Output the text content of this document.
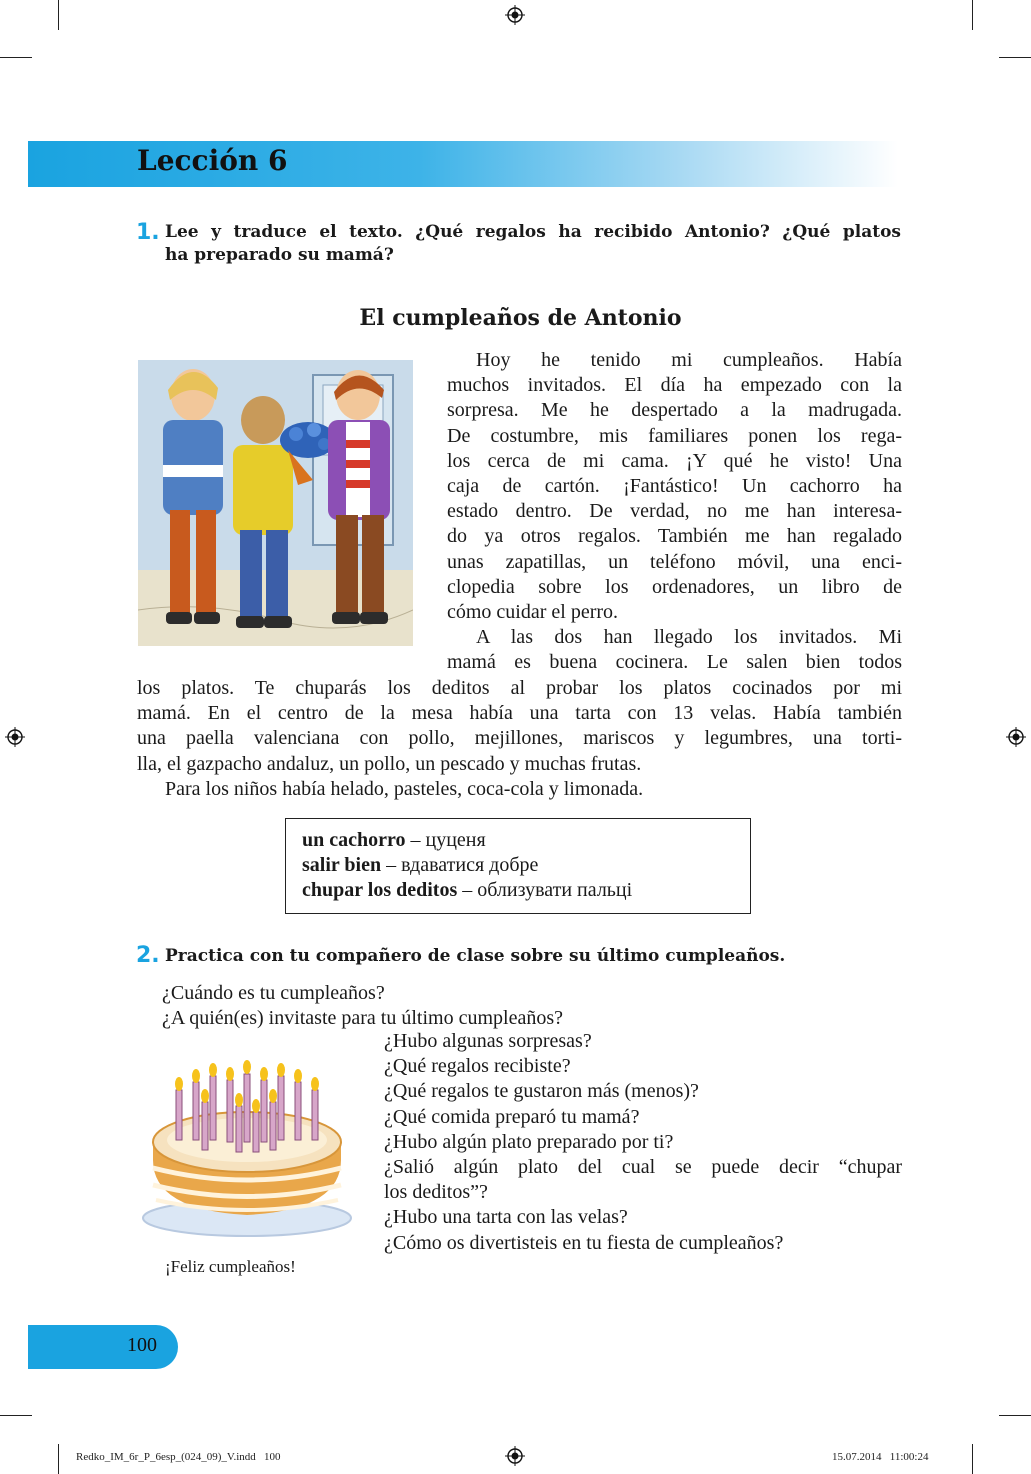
Lección 6
1. Lee y traduce el texto. ¿Qué regalos ha recibido Antonio? ¿Qué platos
ha preparado su mamá?
El cumpleaños de Antonio
Hoy he tenido mi cumpleaños. Había
muchos invitados. El día ha empezado con la
sorpresa. Me he despertado a la madrugada.
De costumbre, mis familiares ponen los rega-
los cerca de mi cama. ¡Y qué he visto! Una
caja de cartón. ¡Fantástico! Un cachorro ha
estado dentro. De verdad, no me han interesa-
do ya otros regalos. También me han regalado
unas zapatillas, un teléfono móvil, una enci-
clopedia sobre los ordenadores, un libro de
cómo cuidar el perro.
A las dos han llegado los invitados. Mi
mamá es buena cocinera. Le salen bien todos
los platos. Te chuparás los deditos al probar los platos cocinados por mi
mamá. En el centro de la mesa había una tarta con 13 velas. Había también
una paella valenciana con pollo, mejillones, mariscos y legumbres, una torti-
lla, el gazpacho andaluz, un pollo, un pescado y muchas frutas.
Para los niños había helado, pasteles, coca-cola y limonada.
un cachorro – цуценя
salir bien – вдаватися добре
chupar los deditos – облизувати пальці
2. Practica con tu compañero de clase sobre su último cumpleaños.
¿Cuándo es tu cumpleaños?
¿A quién(es) invitaste para tu último cumpleaños?
¿Hubo algunas sorpresas?
¿Qué regalos recibiste?
¿Qué regalos te gustaron más (menos)?
¿Qué comida preparó tu mamá?
¿Hubo algún plato preparado por ti?
¿Salió algún plato del cual se puede decir “chupar
los deditos”?
¿Hubo una tarta con las velas?
¿Cómo os divertisteis en tu fiesta de cumpleaños?
¡Feliz cumpleaños!
100
Redko_IM_6r_P_6esp_(024_09)_V.indd   100	15.07.2014   11:00:24
